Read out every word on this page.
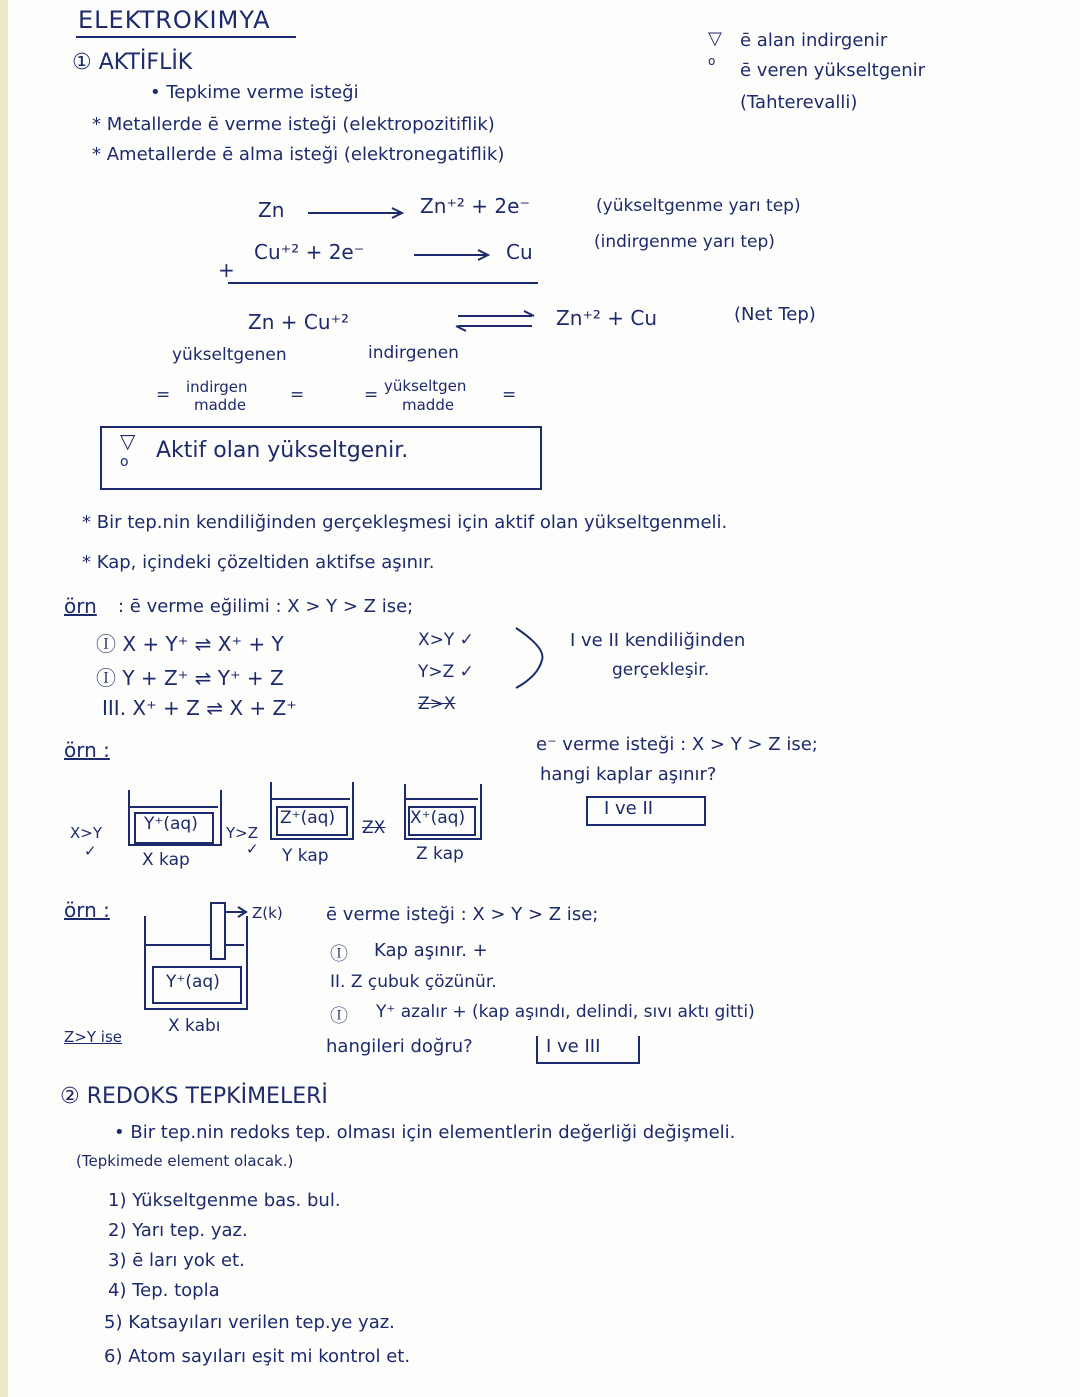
ELEKTROKIMYA
▽
o
ē alan indirgenir
ē veren yükseltgenir
(Tahterevalli)
① AKTİFLİK
• Tepkime verme isteği
* Metallerde ē verme isteği (elektropozitiflik)
* Ametallerde ē alma isteği (elektronegatiflik)
Zn	Zn⁺² + 2e⁻	(yükseltgenme yarı tep)
Cu⁺² + 2e⁻	Cu	(indirgenme yarı tep)
+
Zn + Cu⁺²	Zn⁺² + Cu	(Net Tep)
yükseltgenen	indirgenen
= indirgen
madde	=	= yükseltgen
madde	=
▽
o	Aktif olan yükseltgenir.
* Bir tep.nin kendiliğinden gerçekleşmesi için aktif olan yükseltgenmeli.
* Kap, içindeki çözeltiden aktifse aşınır.
örn : ē verme eğilimi : X > Y > Z ise;
Ⓘ X + Y⁺ ⇌ X⁺ + Y	X>Y ✓
Ⓘ Y + Z⁺ ⇌ Y⁺ + Z	Y>Z ✓
III. X⁺ + Z ⇌ X + Z⁺	Z>X
I ve II kendiliğinden
gerçekleşir.
örn :	e⁻ verme isteği : X > Y > Z ise;
hangi kaplar aşınır?
I ve II
X>Y
✓
Y⁺(aq)
X kap
Y>Z
✓
Z⁺(aq)
Y kap
ZX X⁺(aq)
Z kap
örn :	Z(k)
Y⁺(aq)
X kabı
Z>Y ise
ē verme isteği : X > Y > Z ise;
Ⓘ Kap aşınır. +
II. Z çubuk çözünür.
Ⓘ Y⁺ azalır + (kap aşındı, delindi, sıvı aktı gitti)
hangileri doğru?	I ve III
② REDOKS TEPKİMELERİ
• Bir tep.nin redoks tep. olması için elementlerin değerliği değişmeli.
(Tepkimede element olacak.)
1) Yükseltgenme bas. bul.
2) Yarı tep. yaz.
3) ē ları yok et.
4) Tep. topla
5) Katsayıları verilen tep.ye yaz.
6) Atom sayıları eşit mi kontrol et.
